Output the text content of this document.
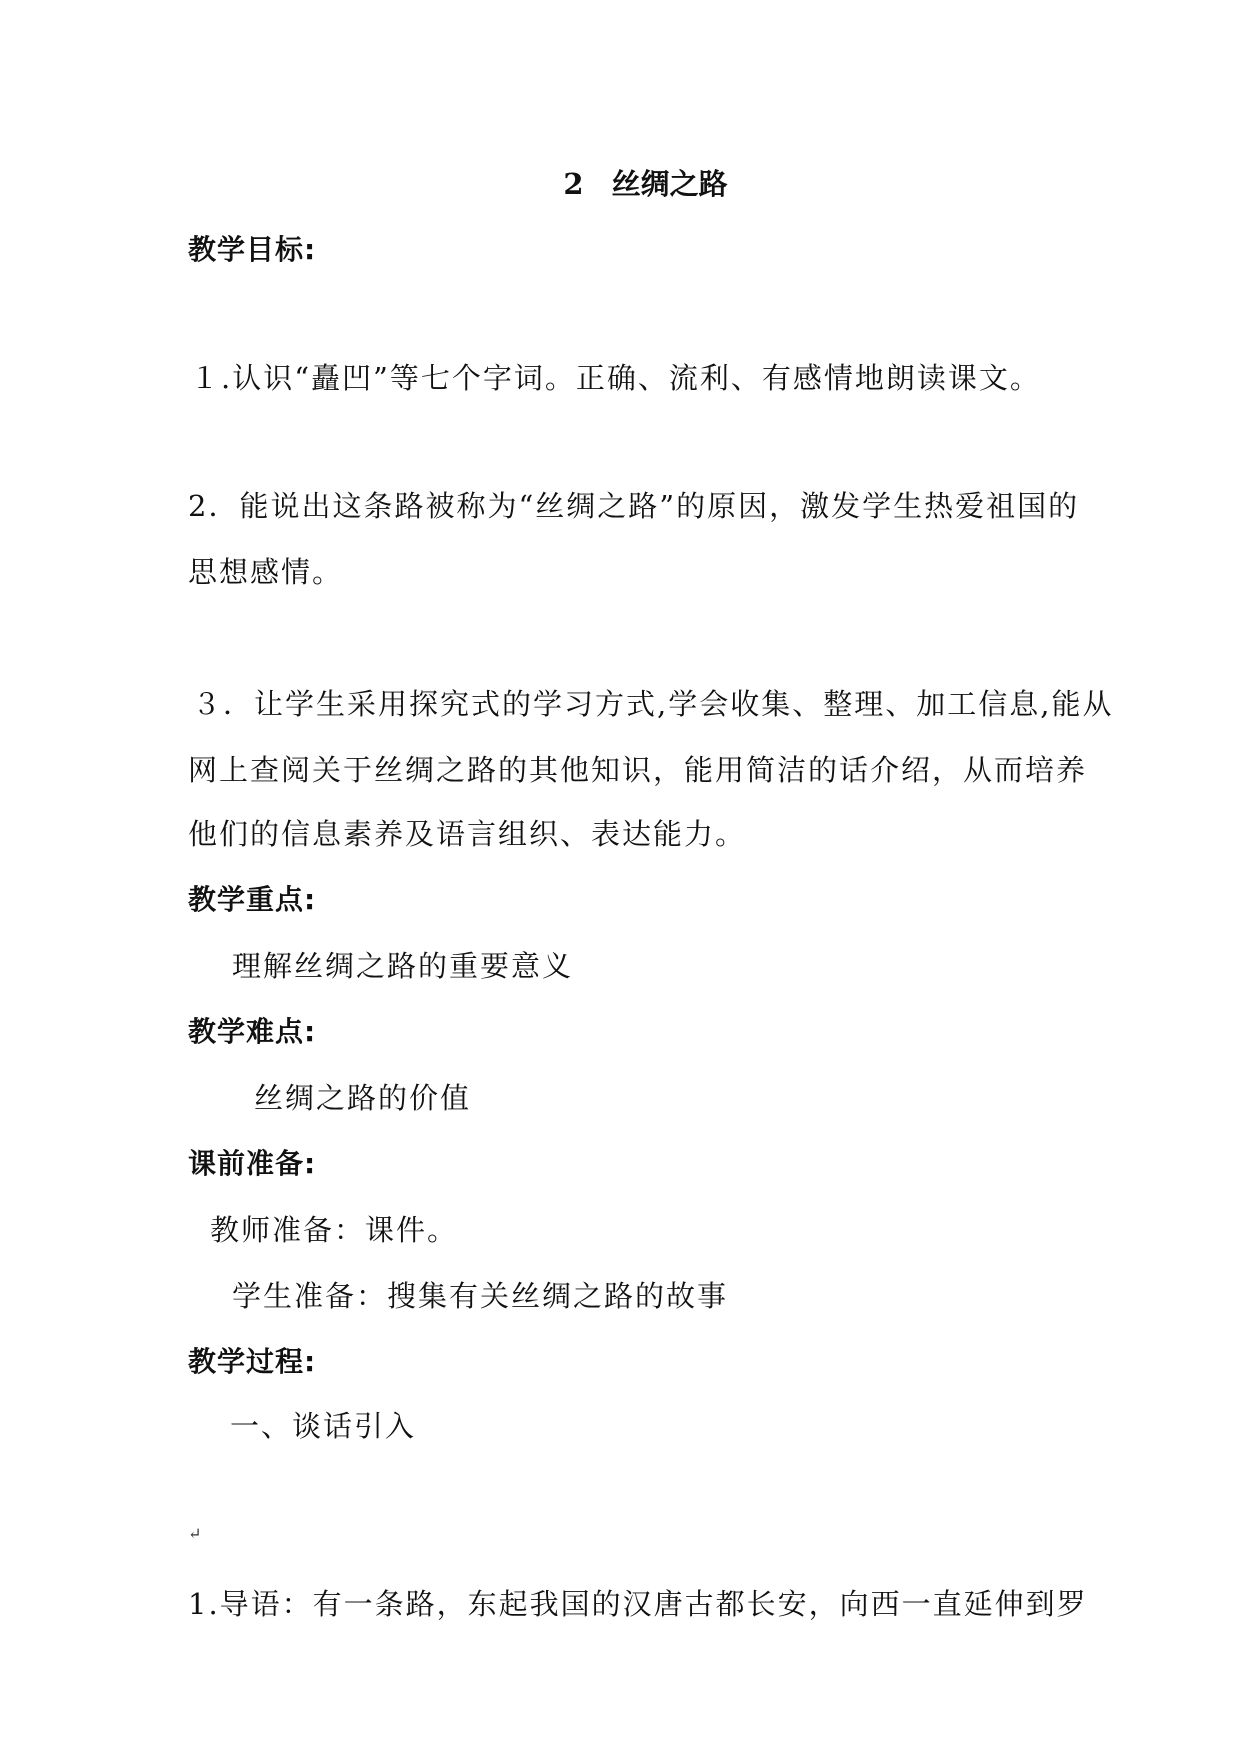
2 丝绸之路
教学目标:
１.认识“矗凹”等七个字词。正确、流利、有感情地朗读课文。
2．能说出这条路被称为“丝绸之路”的原因，激发学生热爱祖国的
思想感情。
３．让学生采用探究式的学习方式,学会收集、整理、加工信息,能从
网上查阅关于丝绸之路的其他知识，能用简洁的话介绍，从而培养
他们的信息素养及语言组织、表达能力。
教学重点:
理解丝绸之路的重要意义
教学难点:
丝绸之路的价值
课前准备:
教师准备：课件。
学生准备：搜集有关丝绸之路的故事
教学过程:
一、谈话引入
↵
1.导语：有一条路，东起我国的汉唐古都长安，向西一直延伸到罗
